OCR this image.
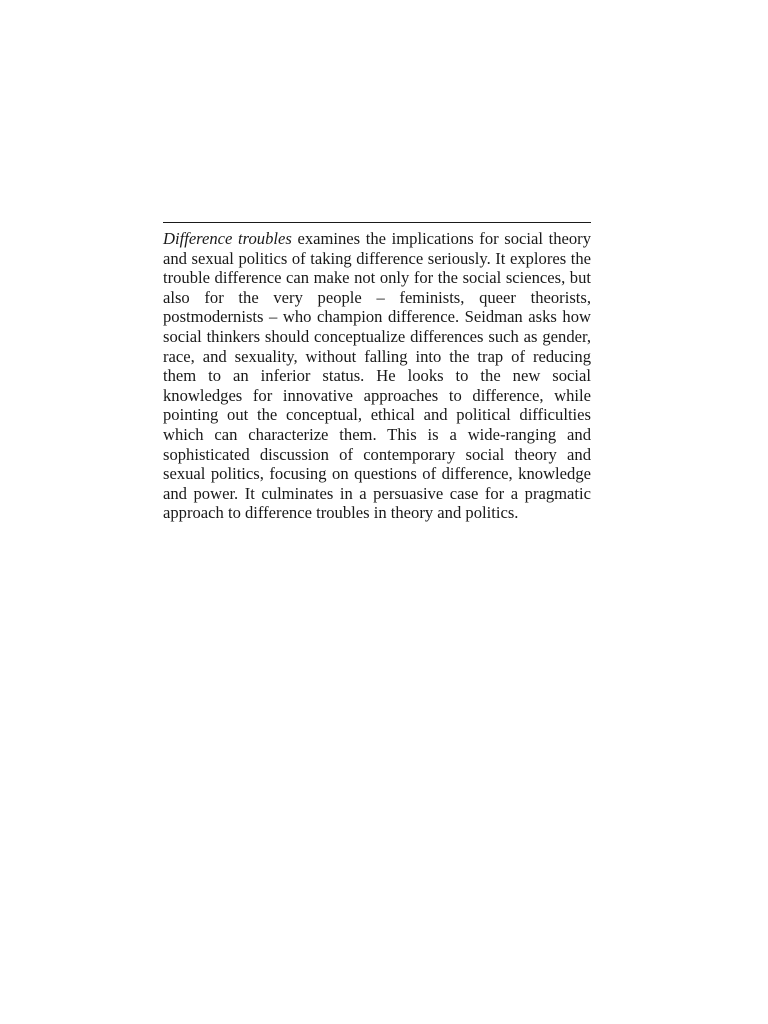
Difference troubles examines the implications for social theory and sexual politics of taking difference seriously. It explores the trouble difference can make not only for the social sciences, but also for the very people – feminists, queer theorists, postmodernists – who champion difference. Seidman asks how social thinkers should conceptualize differences such as gender, race, and sexuality, without falling into the trap of reducing them to an inferior status. He looks to the new social knowledges for innovative approaches to difference, while pointing out the conceptual, ethical and political difficulties which can characterize them. This is a wide-ranging and sophisticated discussion of contemporary social theory and sexual politics, focusing on questions of difference, knowledge and power. It culminates in a persuasive case for a pragmatic approach to difference troubles in theory and politics.
